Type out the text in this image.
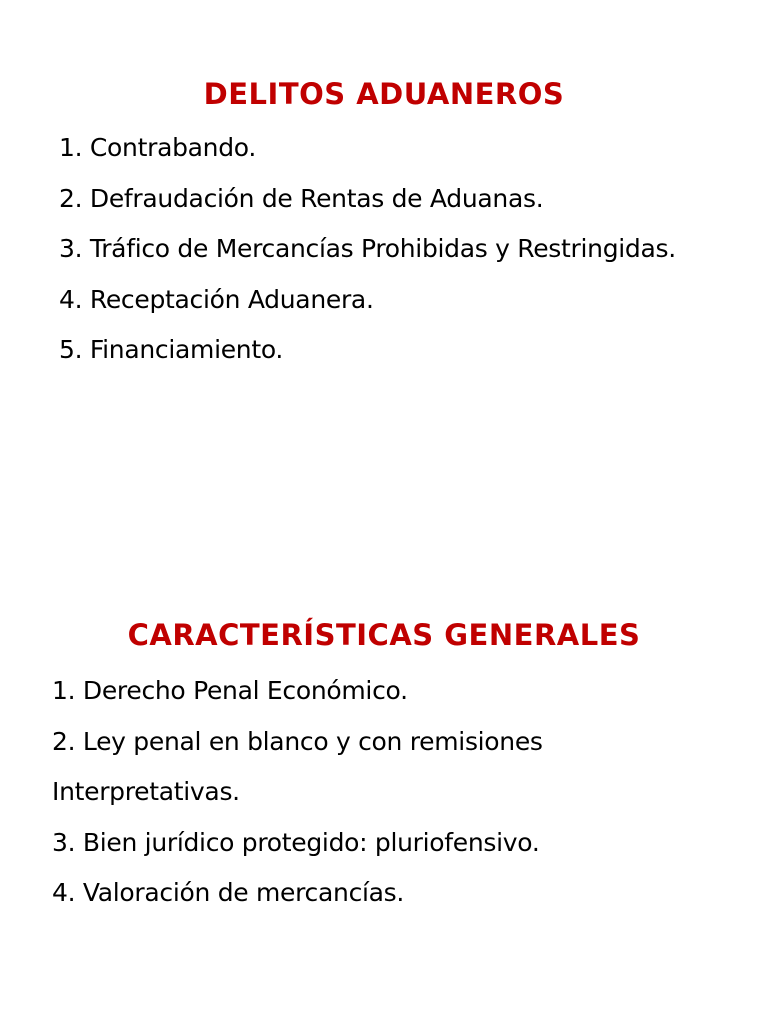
DELITOS ADUANEROS
1. Contrabando.
2. Defraudación de Rentas de Aduanas.
3. Tráfico de Mercancías Prohibidas y Restringidas.
4. Receptación Aduanera.
5. Financiamiento.
CARACTERÍSTICAS GENERALES
1. Derecho Penal Económico.
2. Ley penal en blanco y con remisiones
Interpretativas.
3. Bien jurídico protegido: pluriofensivo.
4. Valoración de mercancías.
